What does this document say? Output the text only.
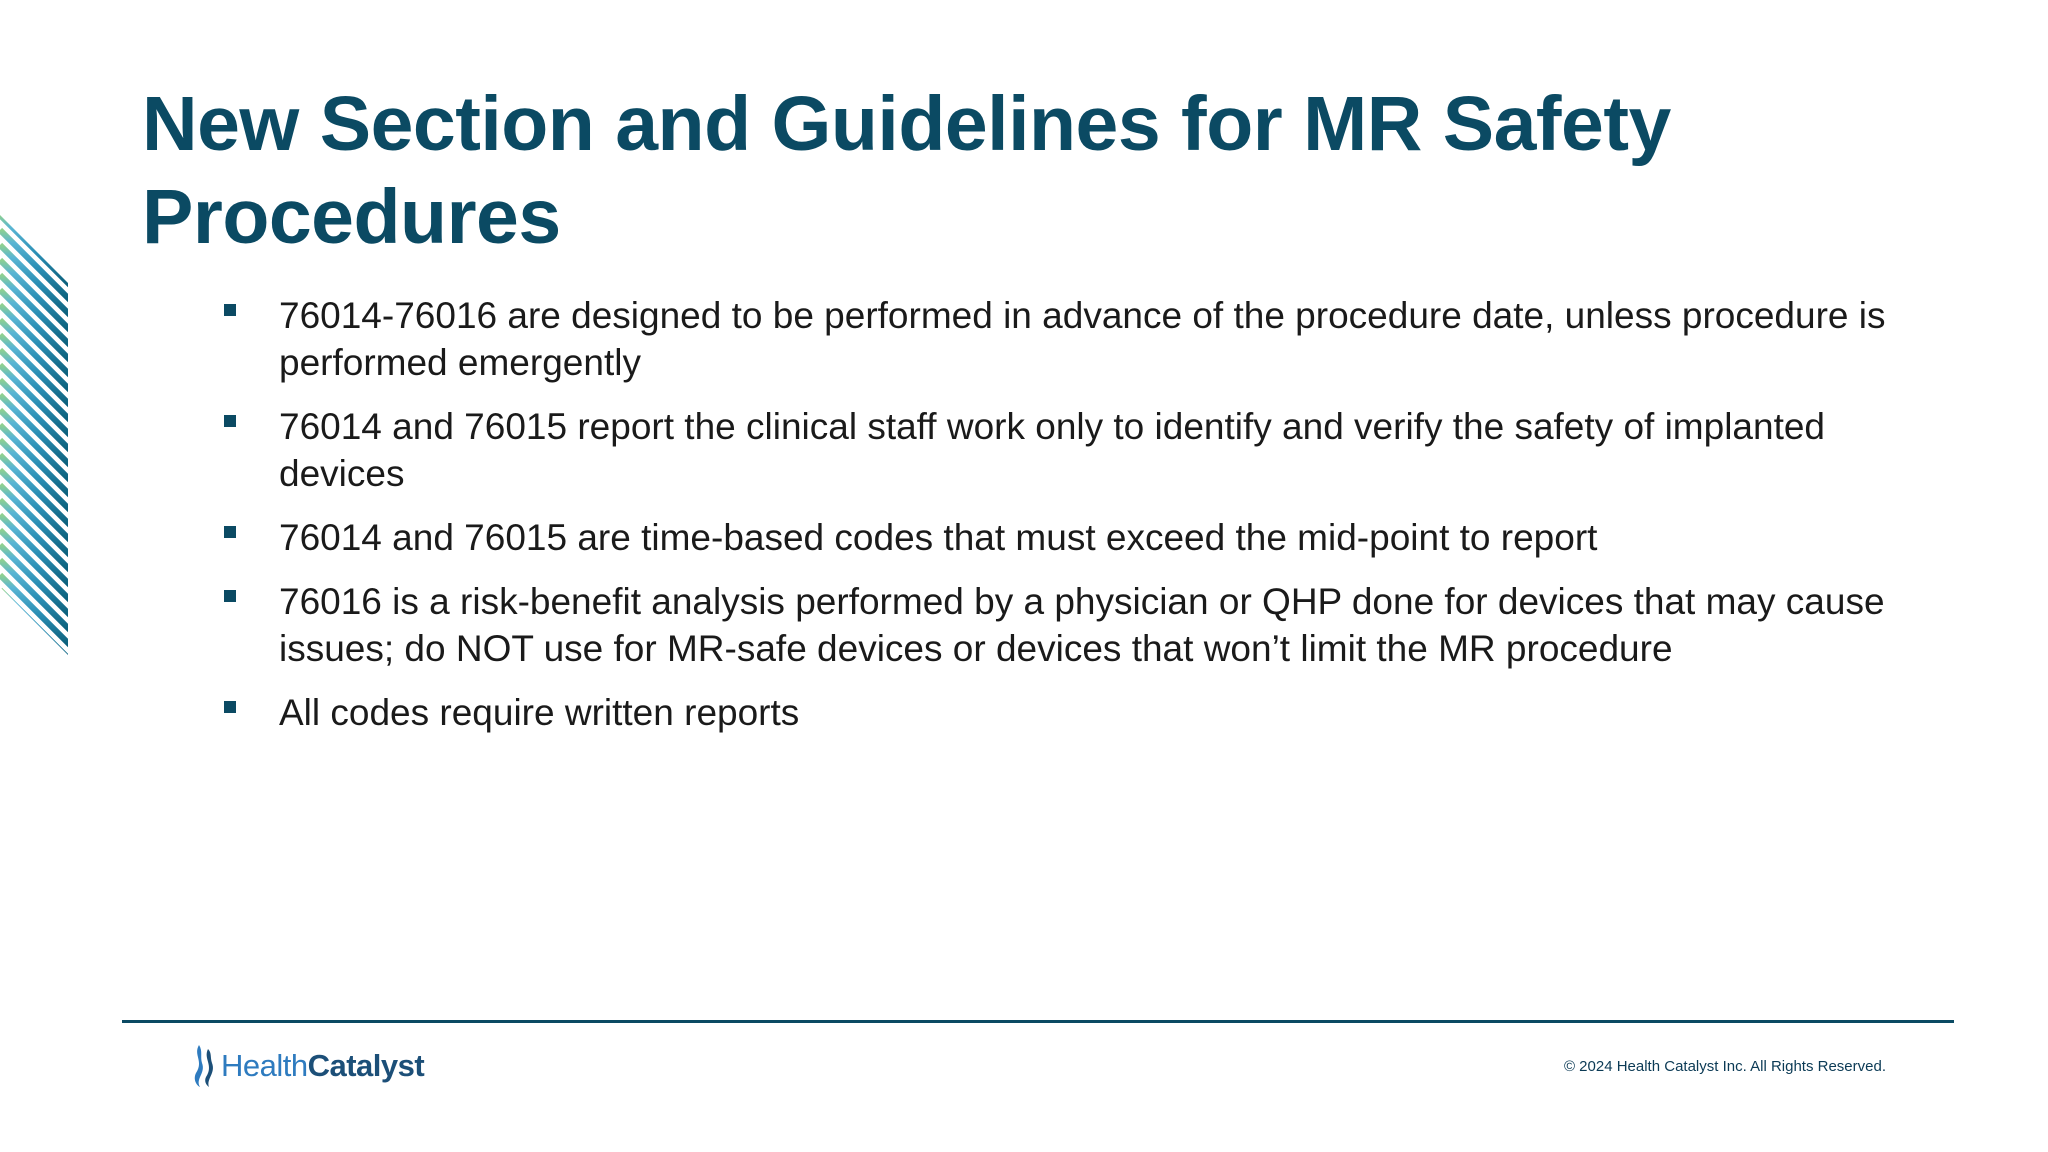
New Section and Guidelines for MR Safety Procedures
76014-76016 are designed to be performed in advance of the procedure date, unless procedure is performed emergently
76014 and 76015 report the clinical staff work only to identify and verify the safety of implanted devices
76014 and 76015 are time-based codes that must exceed the mid-point to report
76016 is a risk-benefit analysis performed by a physician or QHP done for devices that may cause issues; do NOT use for MR-safe devices or devices that won’t limit the MR procedure
All codes require written reports
HealthCatalyst	© 2024 Health Catalyst Inc. All Rights Reserved.
